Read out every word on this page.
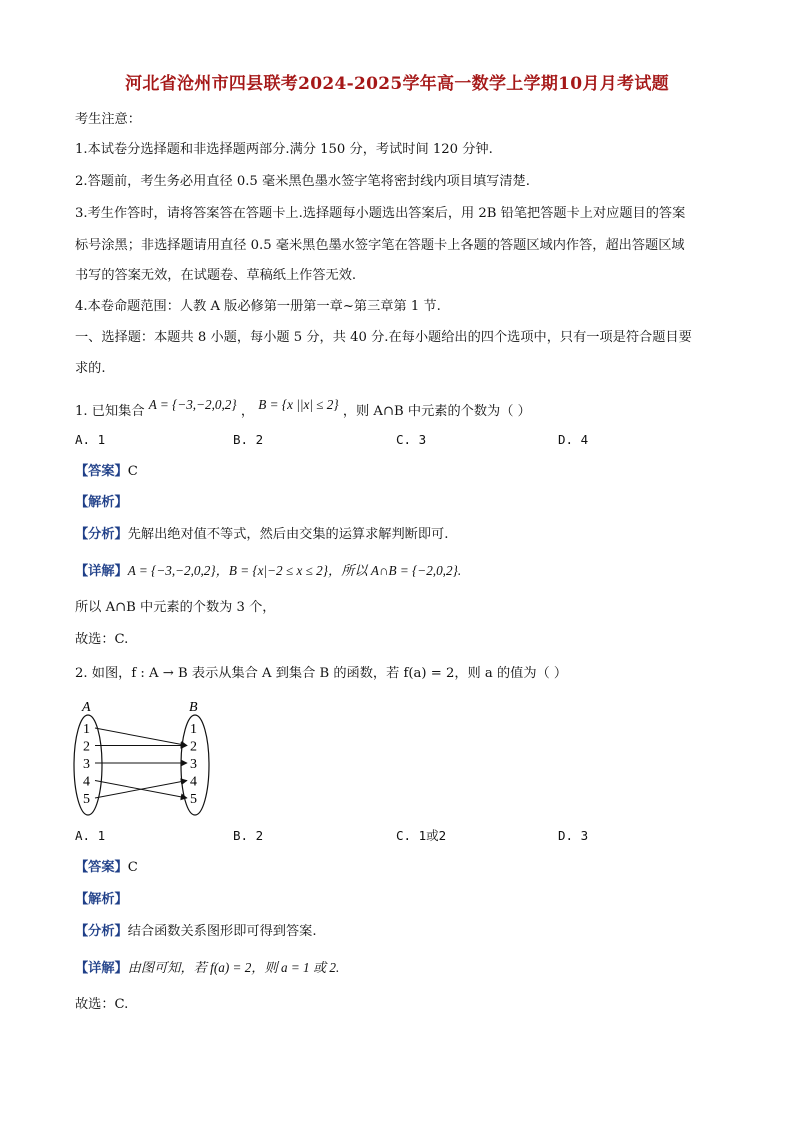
河北省沧州市四县联考2024-2025学年高一数学上学期10月月考试题
考生注意：
1.本试卷分选择题和非选择题两部分.满分 150 分，考试时间 120 分钟.
2.答题前，考生务必用直径 0.5 毫米黑色墨水签字笔将密封线内项目填写清楚.
3.考生作答时，请将答案答在答题卡上.选择题每小题选出答案后，用 2B 铅笔把答题卡上对应题目的答案
标号涂黑；非选择题请用直径 0.5 毫米黑色墨水签字笔在答题卡上各题的答题区域内作答，超出答题区域
书写的答案无效，在试题卷、草稿纸上作答无效.
4.本卷命题范围：人教 A 版必修第一册第一章~第三章第 1 节.
一、选择题：本题共 8 小题，每小题 5 分，共 40 分.在每小题给出的四个选项中，只有一项是符合题目要
求的.
1. 已知集合 A = {−3,−2,0,2} ， B = {x ||x| ≤ 2} ，则 A∩B 中元素的个数为（ ）
A. 1	B. 2	C. 3	D. 4
【答案】C
【解析】
【分析】先解出绝对值不等式，然后由交集的运算求解判断即可.
【详解】A = {−3,−2,0,2}，B = {x|−2 ≤ x ≤ 2}，所以 A∩B = {−2,0,2}.
所以 A∩B 中元素的个数为 3 个，
故选：C.
2. 如图，f : A → B 表示从集合 A 到集合 B 的函数，若 f(a) = 2，则 a 的值为（ ）
A	B
1
2
3
4
5
1
2
3
4
5
A. 1	B. 2	C. 1或2	D. 3
【答案】C
【解析】
【分析】结合函数关系图形即可得到答案.
【详解】由图可知，若 f(a) = 2，则 a = 1 或 2.
故选：C.
